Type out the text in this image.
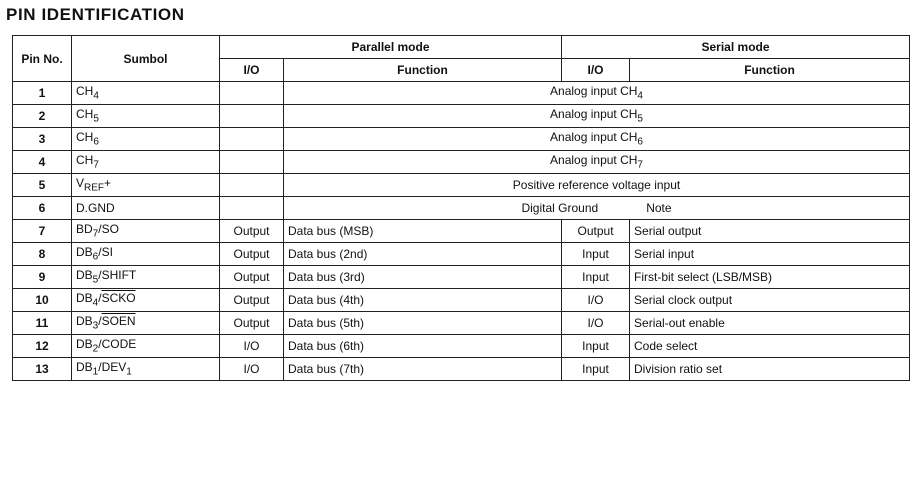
PIN IDENTIFICATION
Pin No.	Sumbol	Parallel mode		Serial mode	
		I/O	Function	I/O	Function
1	$CH_4$		Analog input $CH_4$
2	$CH_5$		Analog input $CH_5$
3	$CH_6$		Analog input $CH_6$
4	$CH_7$		Analog input $CH_7$
5	$V_{REF}+$		Positive reference voltage input		
6	D.GND		Digital Ground Note		
7	$BD_7/SO$	Output	Data bus (MSB)	Output	Serial output
8	$DB_6/SI$	Output	Data bus (2nd)	Input	Serial input
9	$DB_5$/SHIFT	Output	Data bus (3rd)	Input	First-bit select (LSB/MSB)
10	$DB_4$/SCKO	Output	Data bus (4th)	I/O	Serial clock output
11	$DB_3$/SOEN	Output	Data bus (5th)	I/O	Serial-out enable
12	$DB_2$/CODE	I/O	Data bus (6th)	Input	Code select
13	$DB_1/DEV_1$	I/O	Data bus (7th)	Input	Division ratio set
